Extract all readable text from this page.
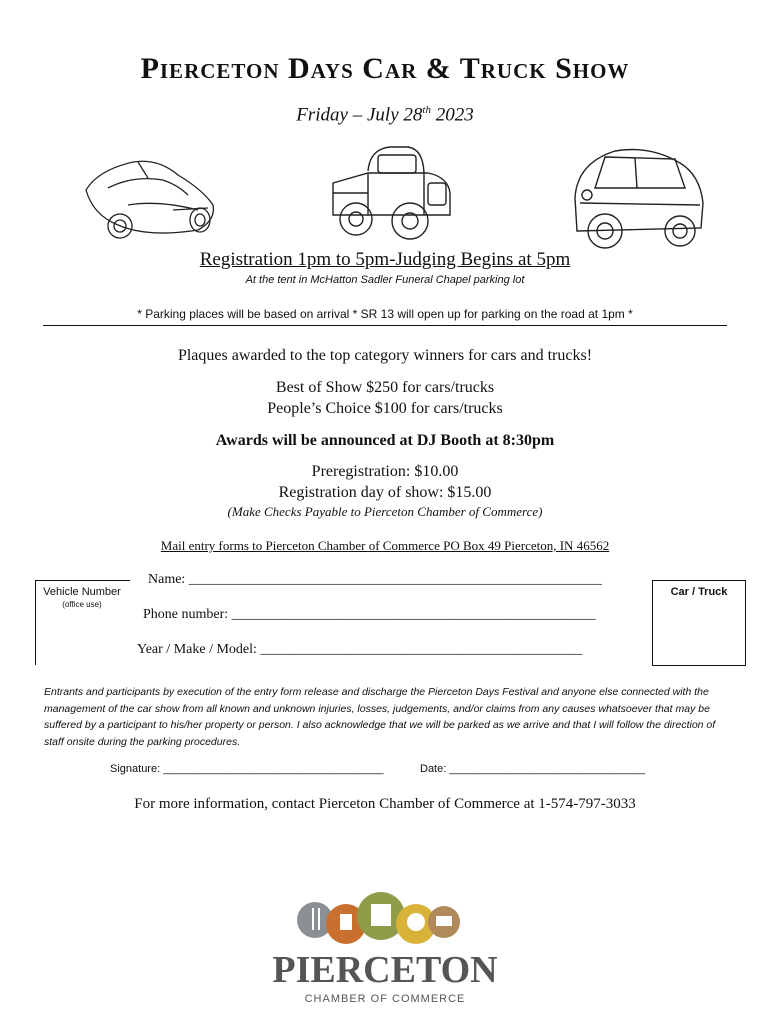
Pierceton Days Car & Truck Show
Friday – July 28th 2023
Registration 1pm to 5pm-Judging Begins at 5pm
At the tent in McHatton Sadler Funeral Chapel parking lot
* Parking places will be based on arrival * SR 13 will open up for parking on the road at 1pm *
Plaques awarded to the top category winners for cars and trucks!
Best of Show $250 for cars/trucks
People’s Choice $100 for cars/trucks
Awards will be announced at DJ Booth at 8:30pm
Preregistration: $10.00
Registration day of show: $15.00
(Make Checks Payable to Pierceton Chamber of Commerce)
Mail entry forms to Pierceton Chamber of Commerce PO Box 49 Pierceton, IN 46562
Vehicle Number
(office use)
Name: ___________________________________________________________
Phone number: ____________________________________________________
Year / Make / Model: ______________________________________________
Car / Truck
Entrants and participants by execution of the entry form release and discharge the Pierceton Days Festival and anyone else connected with the management of the car show from all known and unknown injuries, losses, judgements, and/or claims from any causes whatsoever that may be suffered by a participant to his/her property or person. I also acknowledge that we will be parked as we arrive and that I will follow the direction of staff onsite during the parking procedures.
Signature: ____________________________________	Date: ________________________________
For more information, contact Pierceton Chamber of Commerce at 1-574-797-3033
PIERCETON
CHAMBER OF COMMERCE
